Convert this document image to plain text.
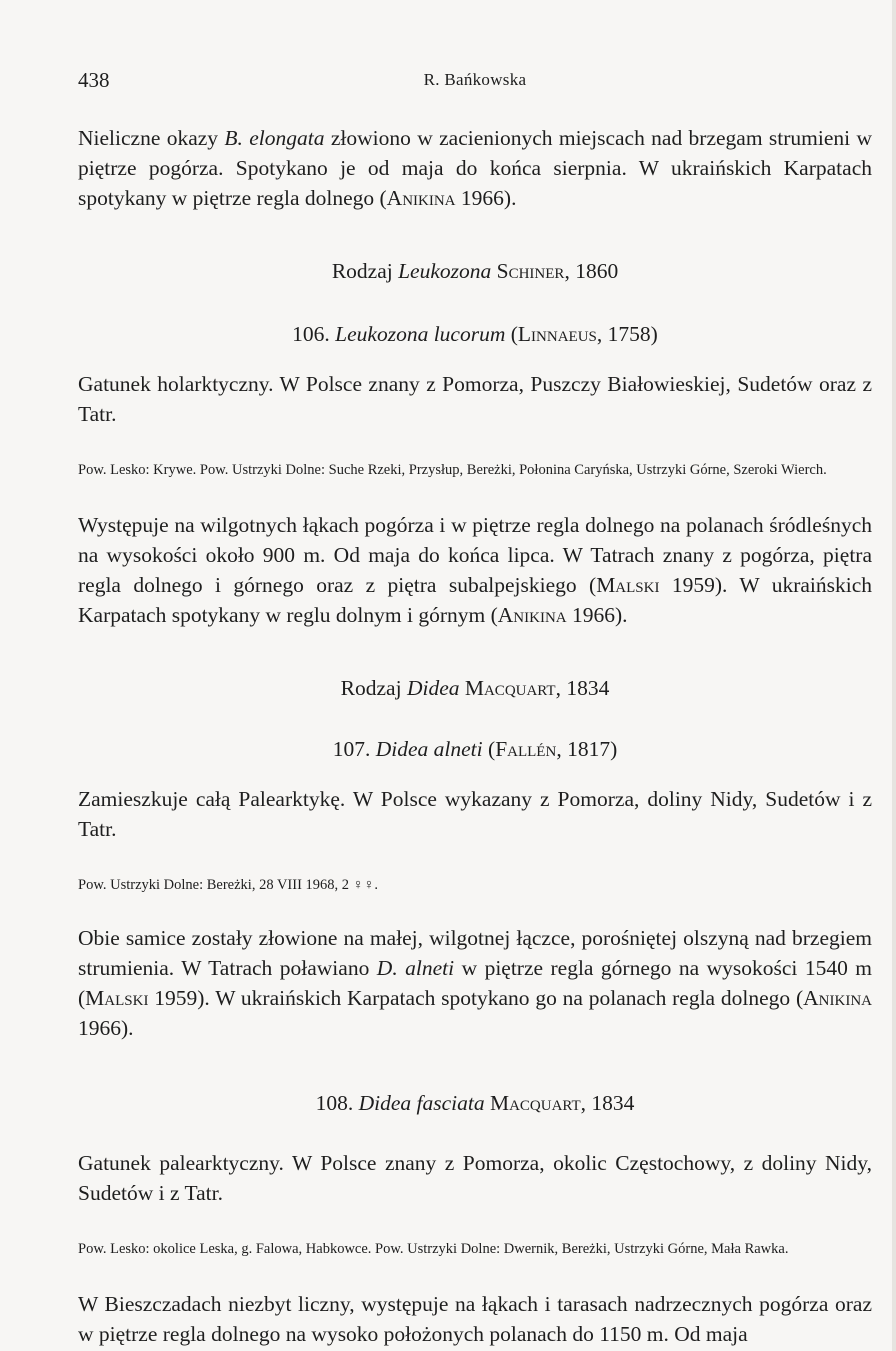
438	R. Bańkowska

Nieliczne okazy B. elongata złowiono w zacienionych miejscach nad brzegam strumieni w piętrze pogórza. Spotykano je od maja do końca sierpnia. W ukraińskich Karpatach spotykany w piętrze regla dolnego (Anikina 1966).

Rodzaj Leukozona Schiner, 1860

106. Leukozona lucorum (Linnaeus, 1758)

Gatunek holarktyczny. W Polsce znany z Pomorza, Puszczy Białowieskiej, Sudetów oraz z Tatr.

Pow. Lesko: Krywe. Pow. Ustrzyki Dolne: Suche Rzeki, Przysłup, Bereżki, Połonina Caryńska, Ustrzyki Górne, Szeroki Wierch.

Występuje na wilgotnych łąkach pogórza i w piętrze regla dolnego na polanach śródleśnych na wysokości około 900 m. Od maja do końca lipca. W Tatrach znany z pogórza, piętra regla dolnego i górnego oraz z piętra subalpejskiego (Malski 1959). W ukraińskich Karpatach spotykany w reglu dolnym i górnym (Anikina 1966).

Rodzaj Didea Macquart, 1834

107. Didea alneti (Fallén, 1817)

Zamieszkuje całą Palearktykę. W Polsce wykazany z Pomorza, doliny Nidy, Sudetów i z Tatr.

Pow. Ustrzyki Dolne: Bereżki, 28 VIII 1968, 2 ♀♀.

Obie samice zostały złowione na małej, wilgotnej łączce, porośniętej olszyną nad brzegiem strumienia. W Tatrach poławiano D. alneti w piętrze regla górnego na wysokości 1540 m (Malski 1959). W ukraińskich Karpatach spotykano go na polanach regla dolnego (Anikina 1966).

108. Didea fasciata Macquart, 1834

Gatunek palearktyczny. W Polsce znany z Pomorza, okolic Częstochowy, z doliny Nidy, Sudetów i z Tatr.

Pow. Lesko: okolice Leska, g. Falowa, Habkowce. Pow. Ustrzyki Dolne: Dwernik, Bereżki, Ustrzyki Górne, Mała Rawka.

W Bieszczadach niezbyt liczny, występuje na łąkach i tarasach nadrzecznych pogórza oraz w piętrze regla dolnego na wysoko położonych polanach do 1150 m. Od maja
